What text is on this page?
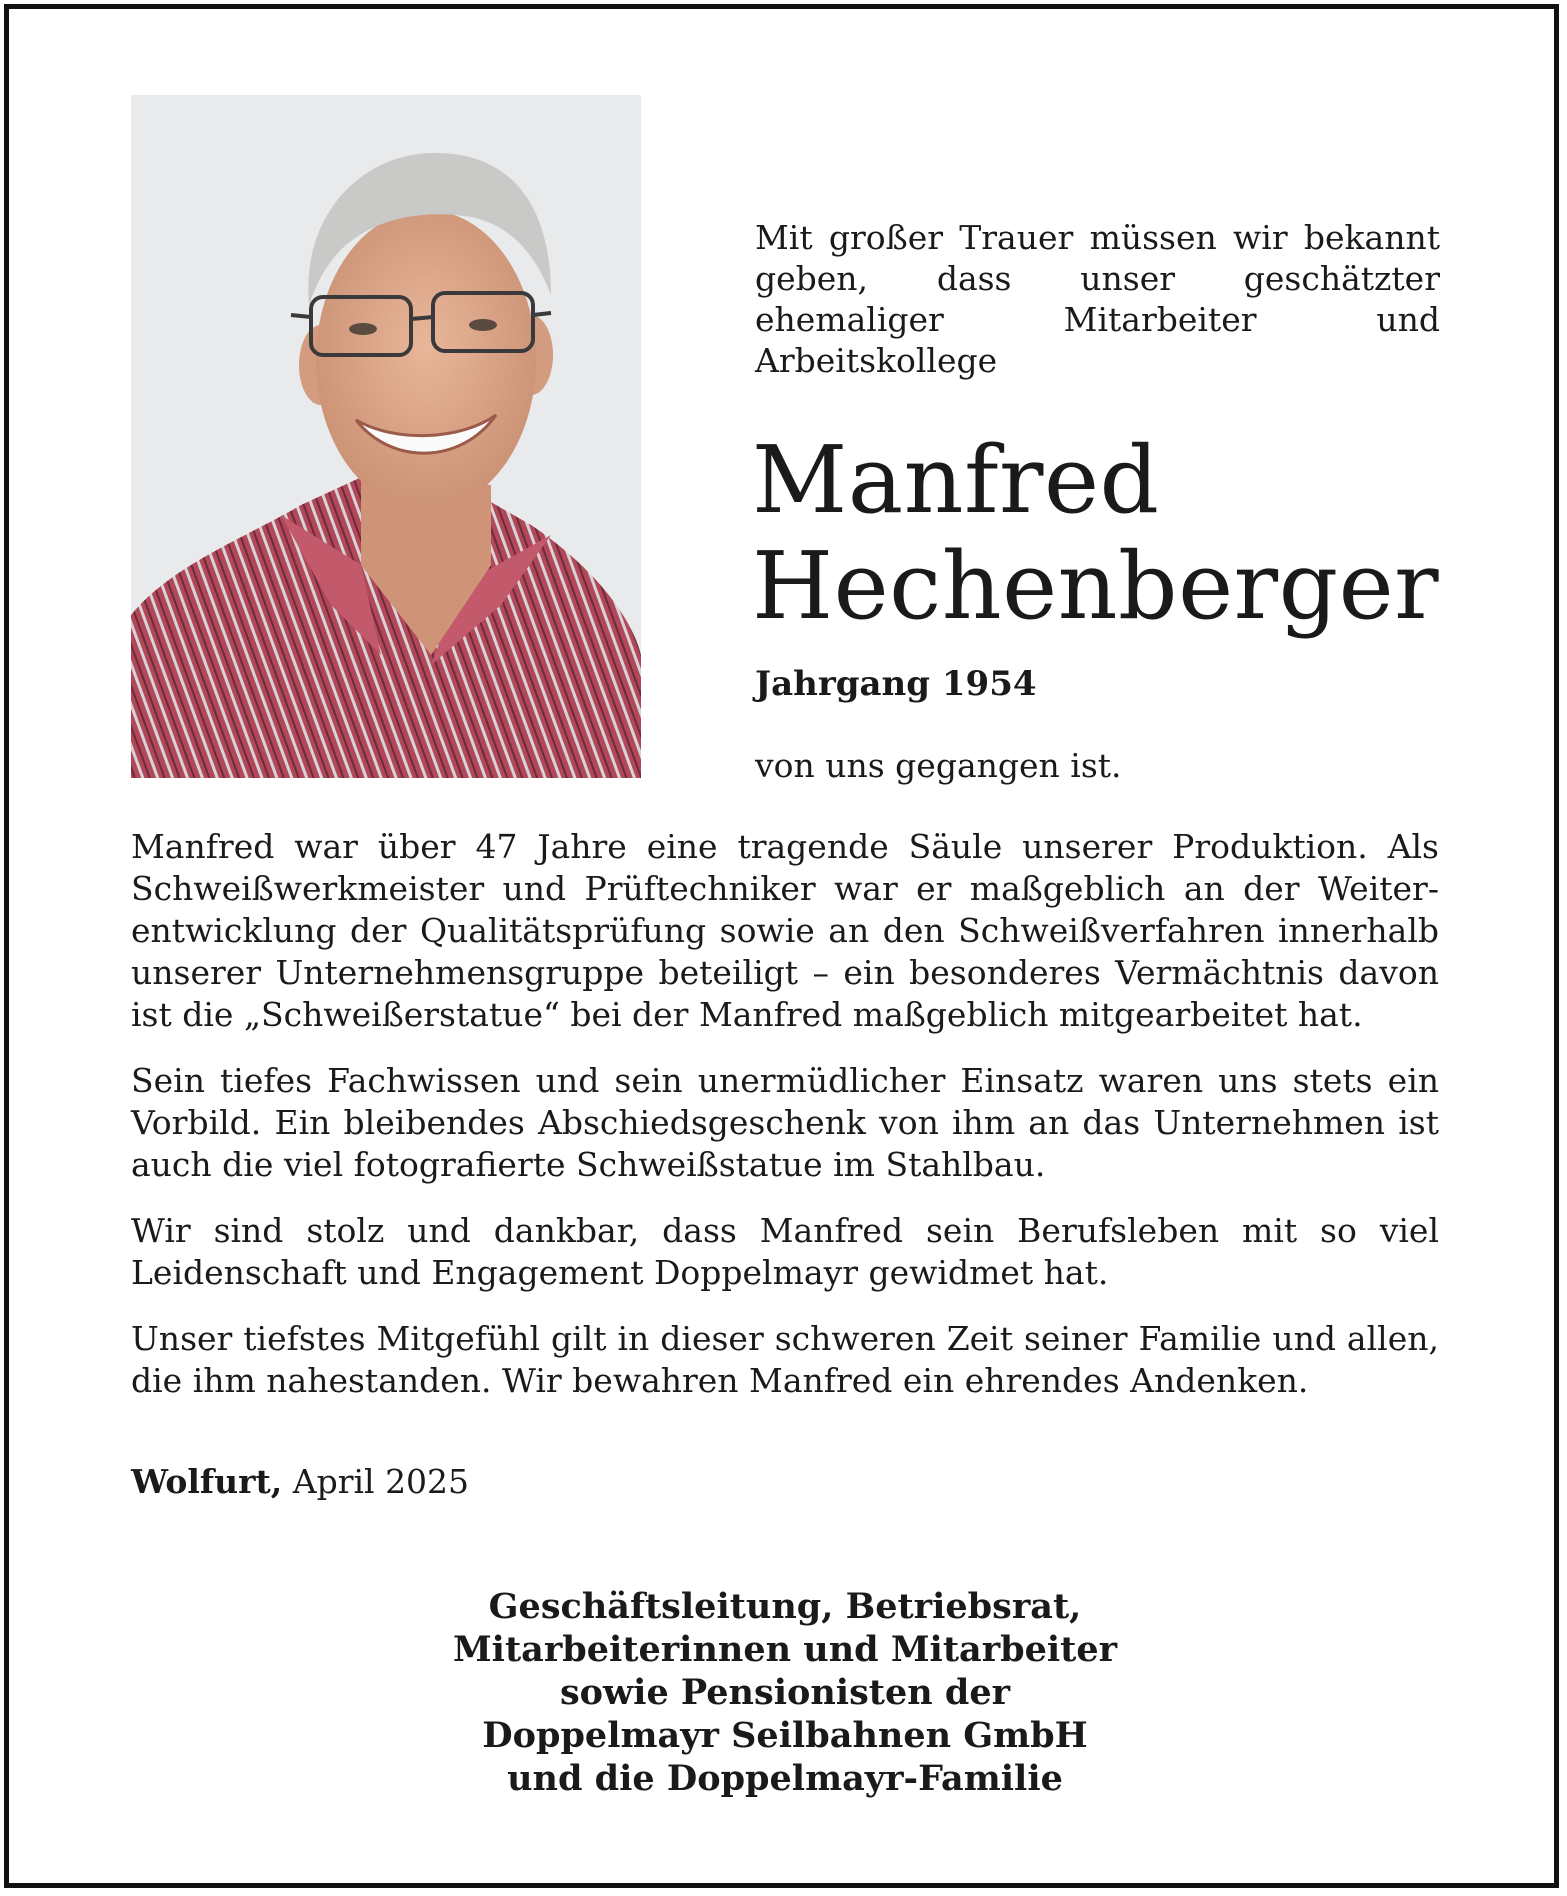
Mit großer Trauer müssen wir bekannt geben, dass unser geschätzter ehemaliger Mitarbeiter und Arbeitskollege
Manfred
Hechenberger
Jahrgang 1954
von uns gegangen ist.

Manfred war über 47 Jahre eine tragende Säule unserer Produktion. Als Schweißwerkmeister und Prüftechniker war er maßgeblich an der Weiterentwicklung der Qualitätsprüfung sowie an den Schweißverfahren innerhalb unserer Unternehmensgruppe beteiligt – ein besonderes Vermächtnis davon ist die „Schweißerstatue“ bei der Manfred maßgeblich mitgearbeitet hat.

Sein tiefes Fachwissen und sein unermüdlicher Einsatz waren uns stets ein Vorbild. Ein bleibendes Abschiedsgeschenk von ihm an das Unternehmen ist auch die viel fotografierte Schweißstatue im Stahlbau.

Wir sind stolz und dankbar, dass Manfred sein Berufsleben mit so viel Leidenschaft und Engagement Doppelmayr gewidmet hat.

Unser tiefstes Mitgefühl gilt in dieser schweren Zeit seiner Familie und allen, die ihm nahestanden. Wir bewahren Manfred ein ehrendes Andenken.

Wolfurt, April 2025
Geschäftsleitung, Betriebsrat,
Mitarbeiterinnen und Mitarbeiter
sowie Pensionisten der
Doppelmayr Seilbahnen GmbH
und die Doppelmayr-Familie
